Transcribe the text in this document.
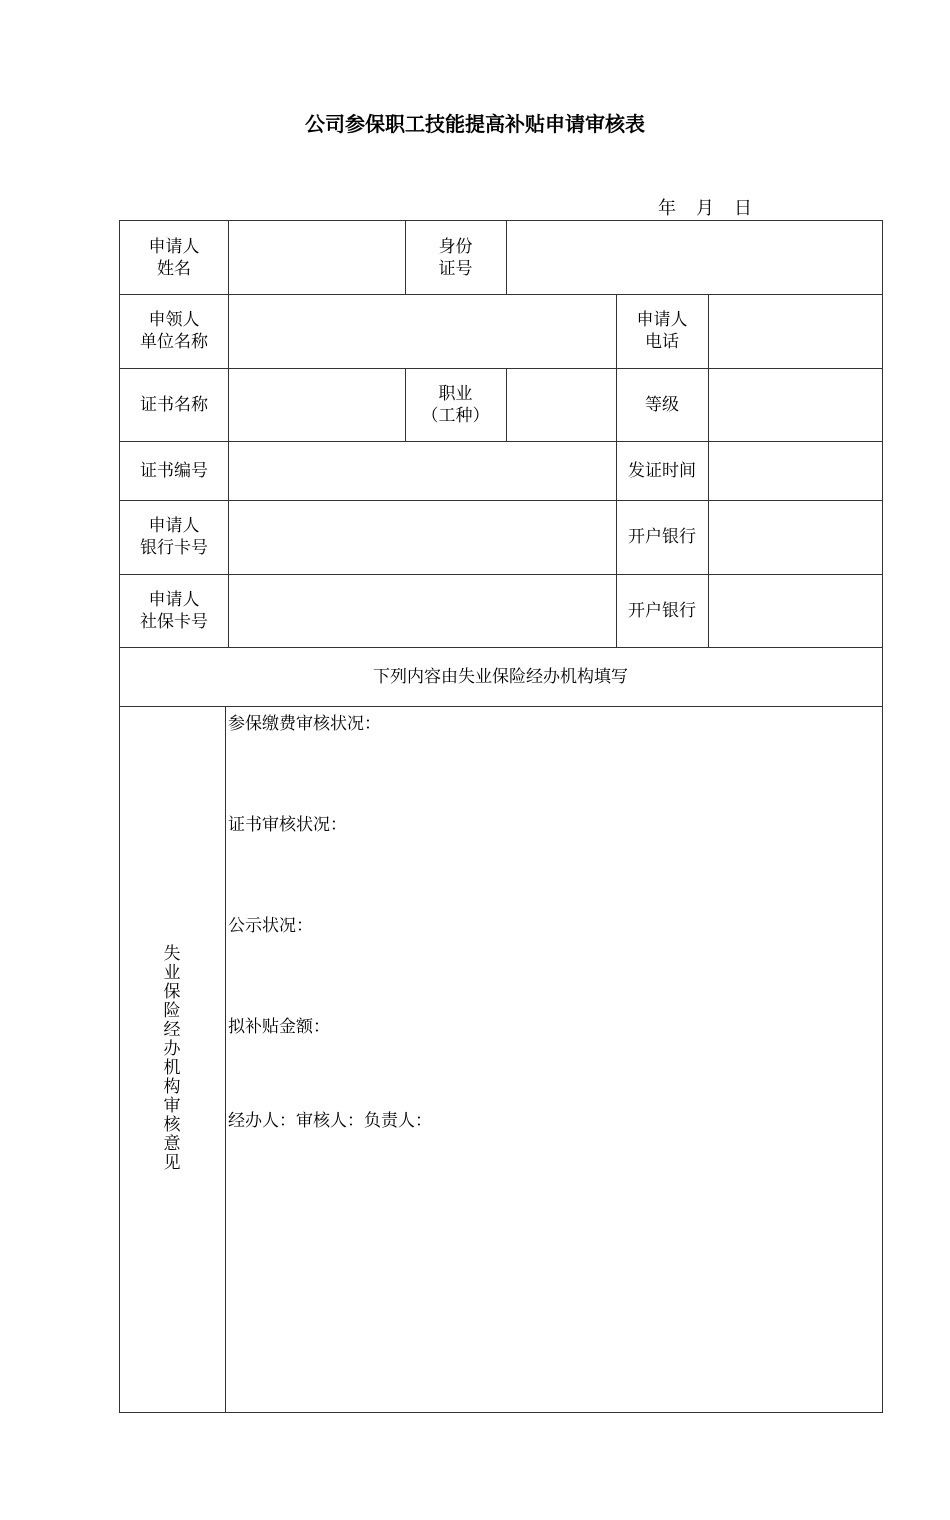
公司参保职工技能提高补贴申请审核表
年 月 日
申请人
姓名
身份
证号
申领人
单位名称
申请人
电话
证书名称
职业
（工种）
等级
证书编号	发证时间
申请人
银行卡号
开户银行
申请人
社保卡号
开户银行
下列内容由失业保险经办机构填写
失
业
保
险
经
办
机
构
审
核
意
见
参保缴费审核状况：
证书审核状况：
公示状况：
拟补贴金额：
经办人：审核人：负责人：
